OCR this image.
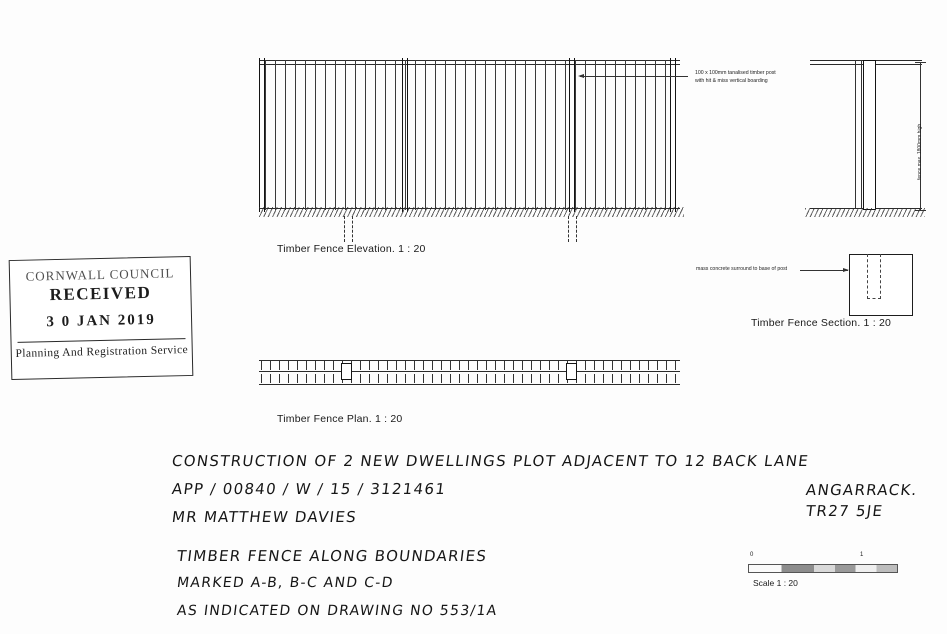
Timber Fence Elevation. 1 : 20
100 x 100mm tanalised timber post
with hit & miss vertical boarding
fence max. 1800mm high
mass concrete surround to base of post
Timber Fence Section. 1 : 20
Timber Fence Plan. 1 : 20
CORNWALL COUNCIL
RECEIVED
3 0 JAN 2019
Planning And Registration Service
CONSTRUCTION OF 2 NEW DWELLINGS PLOT ADJACENT TO 12 BACK LANE
APP / 00840 / W / 15 / 3121461
MR MATTHEW DAVIES
ANGARRACK.
TR27 5JE
TIMBER FENCE ALONG BOUNDARIES
MARKED A-B, B-C AND C-D
AS INDICATED ON DRAWING NO 553/1A
0	1
Scale 1 : 20
